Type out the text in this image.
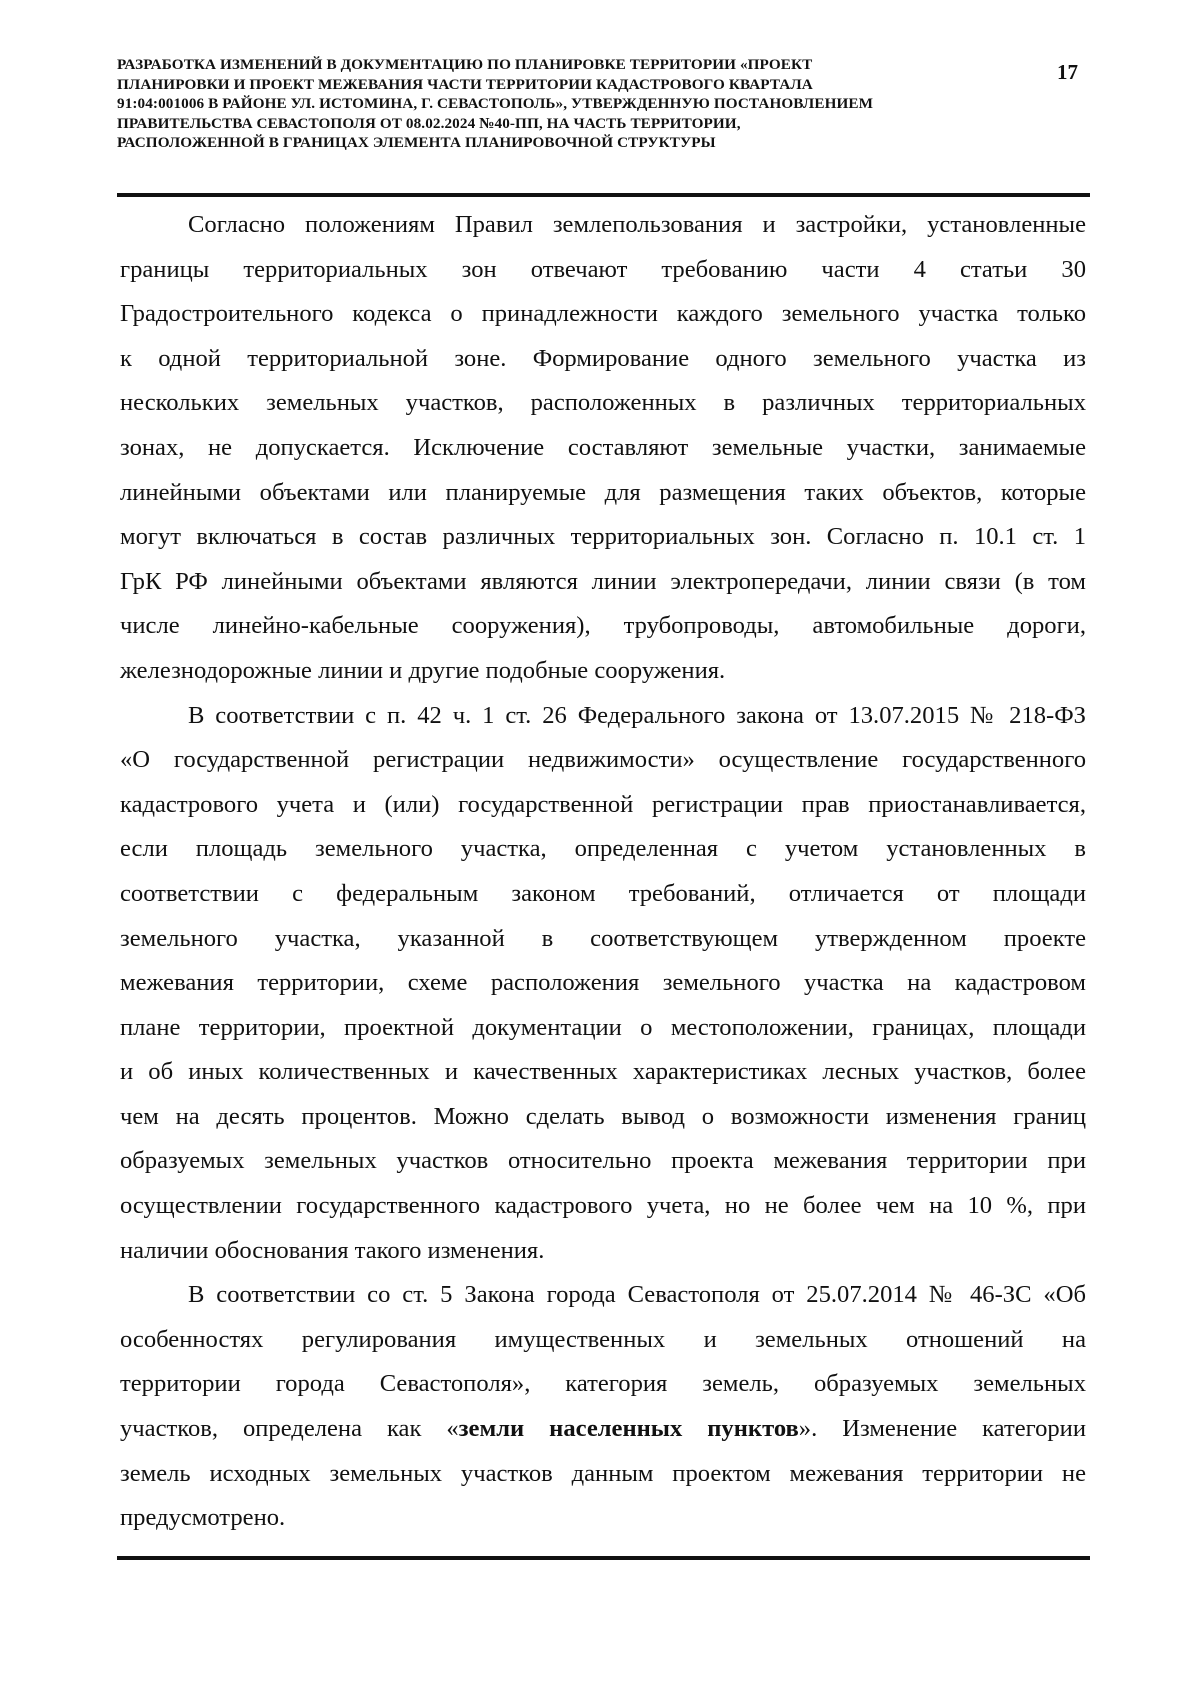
РАЗРАБОТКА ИЗМЕНЕНИЙ В ДОКУМЕНТАЦИЮ ПО ПЛАНИРОВКЕ ТЕРРИТОРИИ «ПРОЕКТ
ПЛАНИРОВКИ И ПРОЕКТ МЕЖЕВАНИЯ ЧАСТИ ТЕРРИТОРИИ КАДАСТРОВОГО КВАРТАЛА
91:04:001006 В РАЙОНЕ УЛ. ИСТОМИНА, Г. СЕВАСТОПОЛЬ», УТВЕРЖДЕННУЮ ПОСТАНОВЛЕНИЕМ
ПРАВИТЕЛЬСТВА СЕВАСТОПОЛЯ ОТ 08.02.2024 №40-ПП, НА ЧАСТЬ ТЕРРИТОРИИ,
РАСПОЛОЖЕННОЙ В ГРАНИЦАХ ЭЛЕМЕНТА ПЛАНИРОВОЧНОЙ СТРУКТУРЫ
17
Согласно положениям Правил землепользования и застройки, установленные
границы территориальных зон отвечают требованию части 4 статьи 30
Градостроительного кодекса о принадлежности каждого земельного участка только
к одной территориальной зоне. Формирование одного земельного участка из
нескольких земельных участков, расположенных в различных территориальных
зонах, не допускается. Исключение составляют земельные участки, занимаемые
линейными объектами или планируемые для размещения таких объектов, которые
могут включаться в состав различных территориальных зон. Согласно п. 10.1 ст. 1
ГрК РФ линейными объектами являются линии электропередачи, линии связи (в том
числе линейно-кабельные сооружения), трубопроводы, автомобильные дороги,
железнодорожные линии и другие подобные сооружения.
В соответствии с п. 42 ч. 1 ст. 26 Федерального закона от 13.07.2015 № 218-ФЗ
«О государственной регистрации недвижимости» осуществление государственного
кадастрового учета и (или) государственной регистрации прав приостанавливается,
если площадь земельного участка, определенная с учетом установленных в
соответствии с федеральным законом требований, отличается от площади
земельного участка, указанной в соответствующем утвержденном проекте
межевания территории, схеме расположения земельного участка на кадастровом
плане территории, проектной документации о местоположении, границах, площади
и об иных количественных и качественных характеристиках лесных участков, более
чем на десять процентов. Можно сделать вывод о возможности изменения границ
образуемых земельных участков относительно проекта межевания территории при
осуществлении государственного кадастрового учета, но не более чем на 10 %, при
наличии обоснования такого изменения.
В соответствии со ст. 5 Закона города Севастополя от 25.07.2014 № 46-ЗС «Об
особенностях регулирования имущественных и земельных отношений на
территории города Севастополя», категория земель, образуемых земельных
участков, определена как «земли населенных пунктов». Изменение категории
земель исходных земельных участков данным проектом межевания территории не
предусмотрено.
